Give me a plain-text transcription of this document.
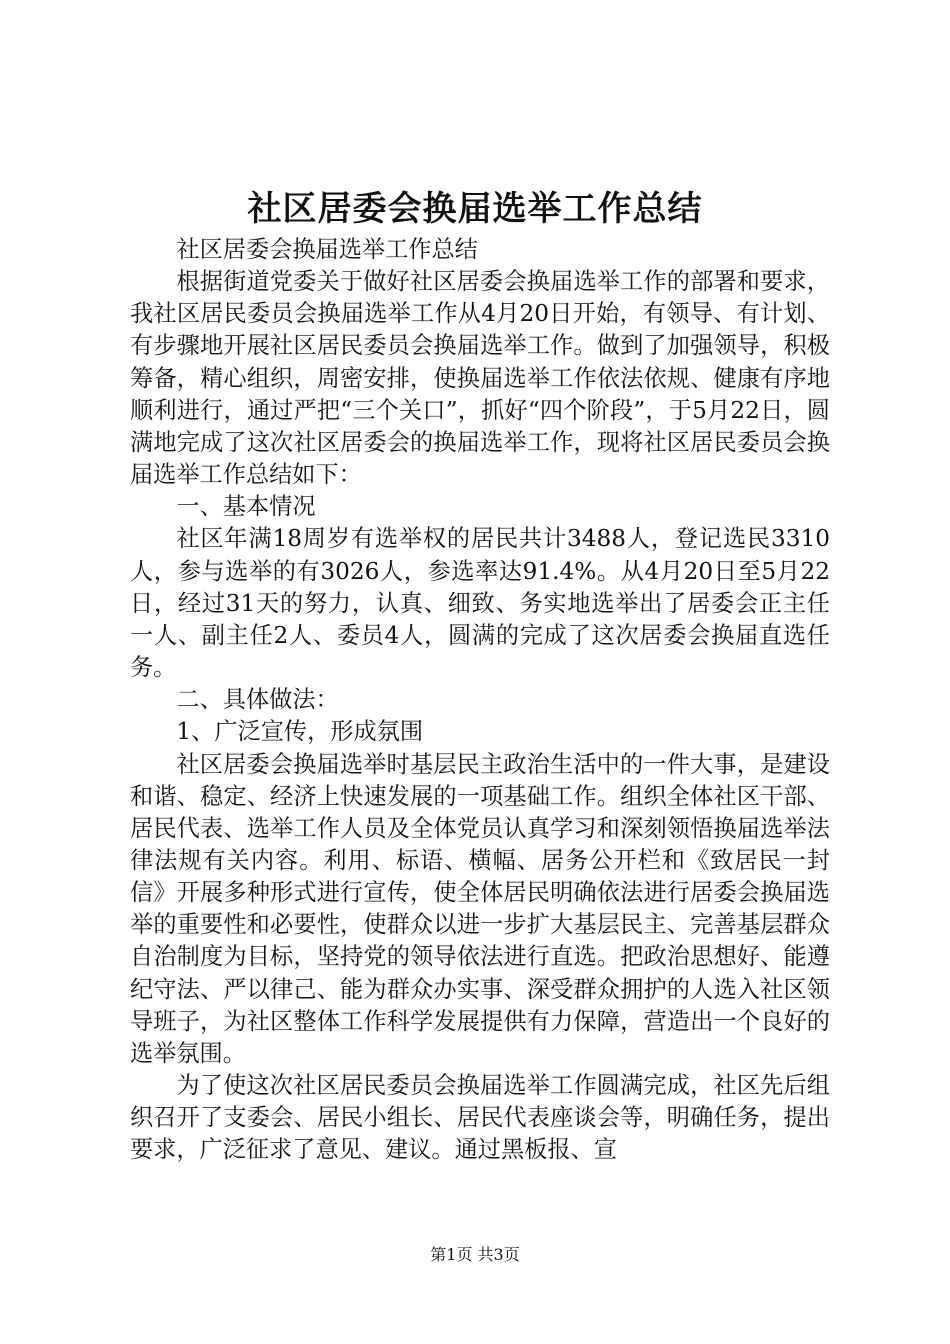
社区居委会换届选举工作总结

社区居委会换届选举工作总结

根据街道党委关于做好社区居委会换届选举工作的部署和要求，我社区居民委员会换届选举工作从4月20日开始，有领导、有计划、有步骤地开展社区居民委员会换届选举工作。做到了加强领导，积极筹备，精心组织，周密安排，使换届选举工作依法依规、健康有序地顺利进行，通过严把“三个关口”，抓好“四个阶段”，于5月22日，圆满地完成了这次社区居委会的换届选举工作，现将社区居民委员会换届选举工作总结如下：

一、基本情况

社区年满18周岁有选举权的居民共计3488人，登记选民3310人，参与选举的有3026人，参选率达91.4%。从4月20日至5月22日，经过31天的努力，认真、细致、务实地选举出了居委会正主任一人、副主任2人、委员4人，圆满的完成了这次居委会换届直选任务。

二、具体做法：

1、广泛宣传，形成氛围

社区居委会换届选举时基层民主政治生活中的一件大事，是建设和谐、稳定、经济上快速发展的一项基础工作。组织全体社区干部、居民代表、选举工作人员及全体党员认真学习和深刻领悟换届选举法律法规有关内容。利用、标语、横幅、居务公开栏和《致居民一封信》开展多种形式进行宣传，使全体居民明确依法进行居委会换届选举的重要性和必要性，使群众以进一步扩大基层民主、完善基层群众自治制度为目标，坚持党的领导依法进行直选。把政治思想好、能遵纪守法、严以律己、能为群众办实事、深受群众拥护的人选入社区领导班子，为社区整体工作科学发展提供有力保障，营造出一个良好的选举氛围。

为了使这次社区居民委员会换届选举工作圆满完成，社区先后组织召开了支委会、居民小组长、居民代表座谈会等，明确任务，提出要求，广泛征求了意见、建议。通过黑板报、宣

第1页 共3页
